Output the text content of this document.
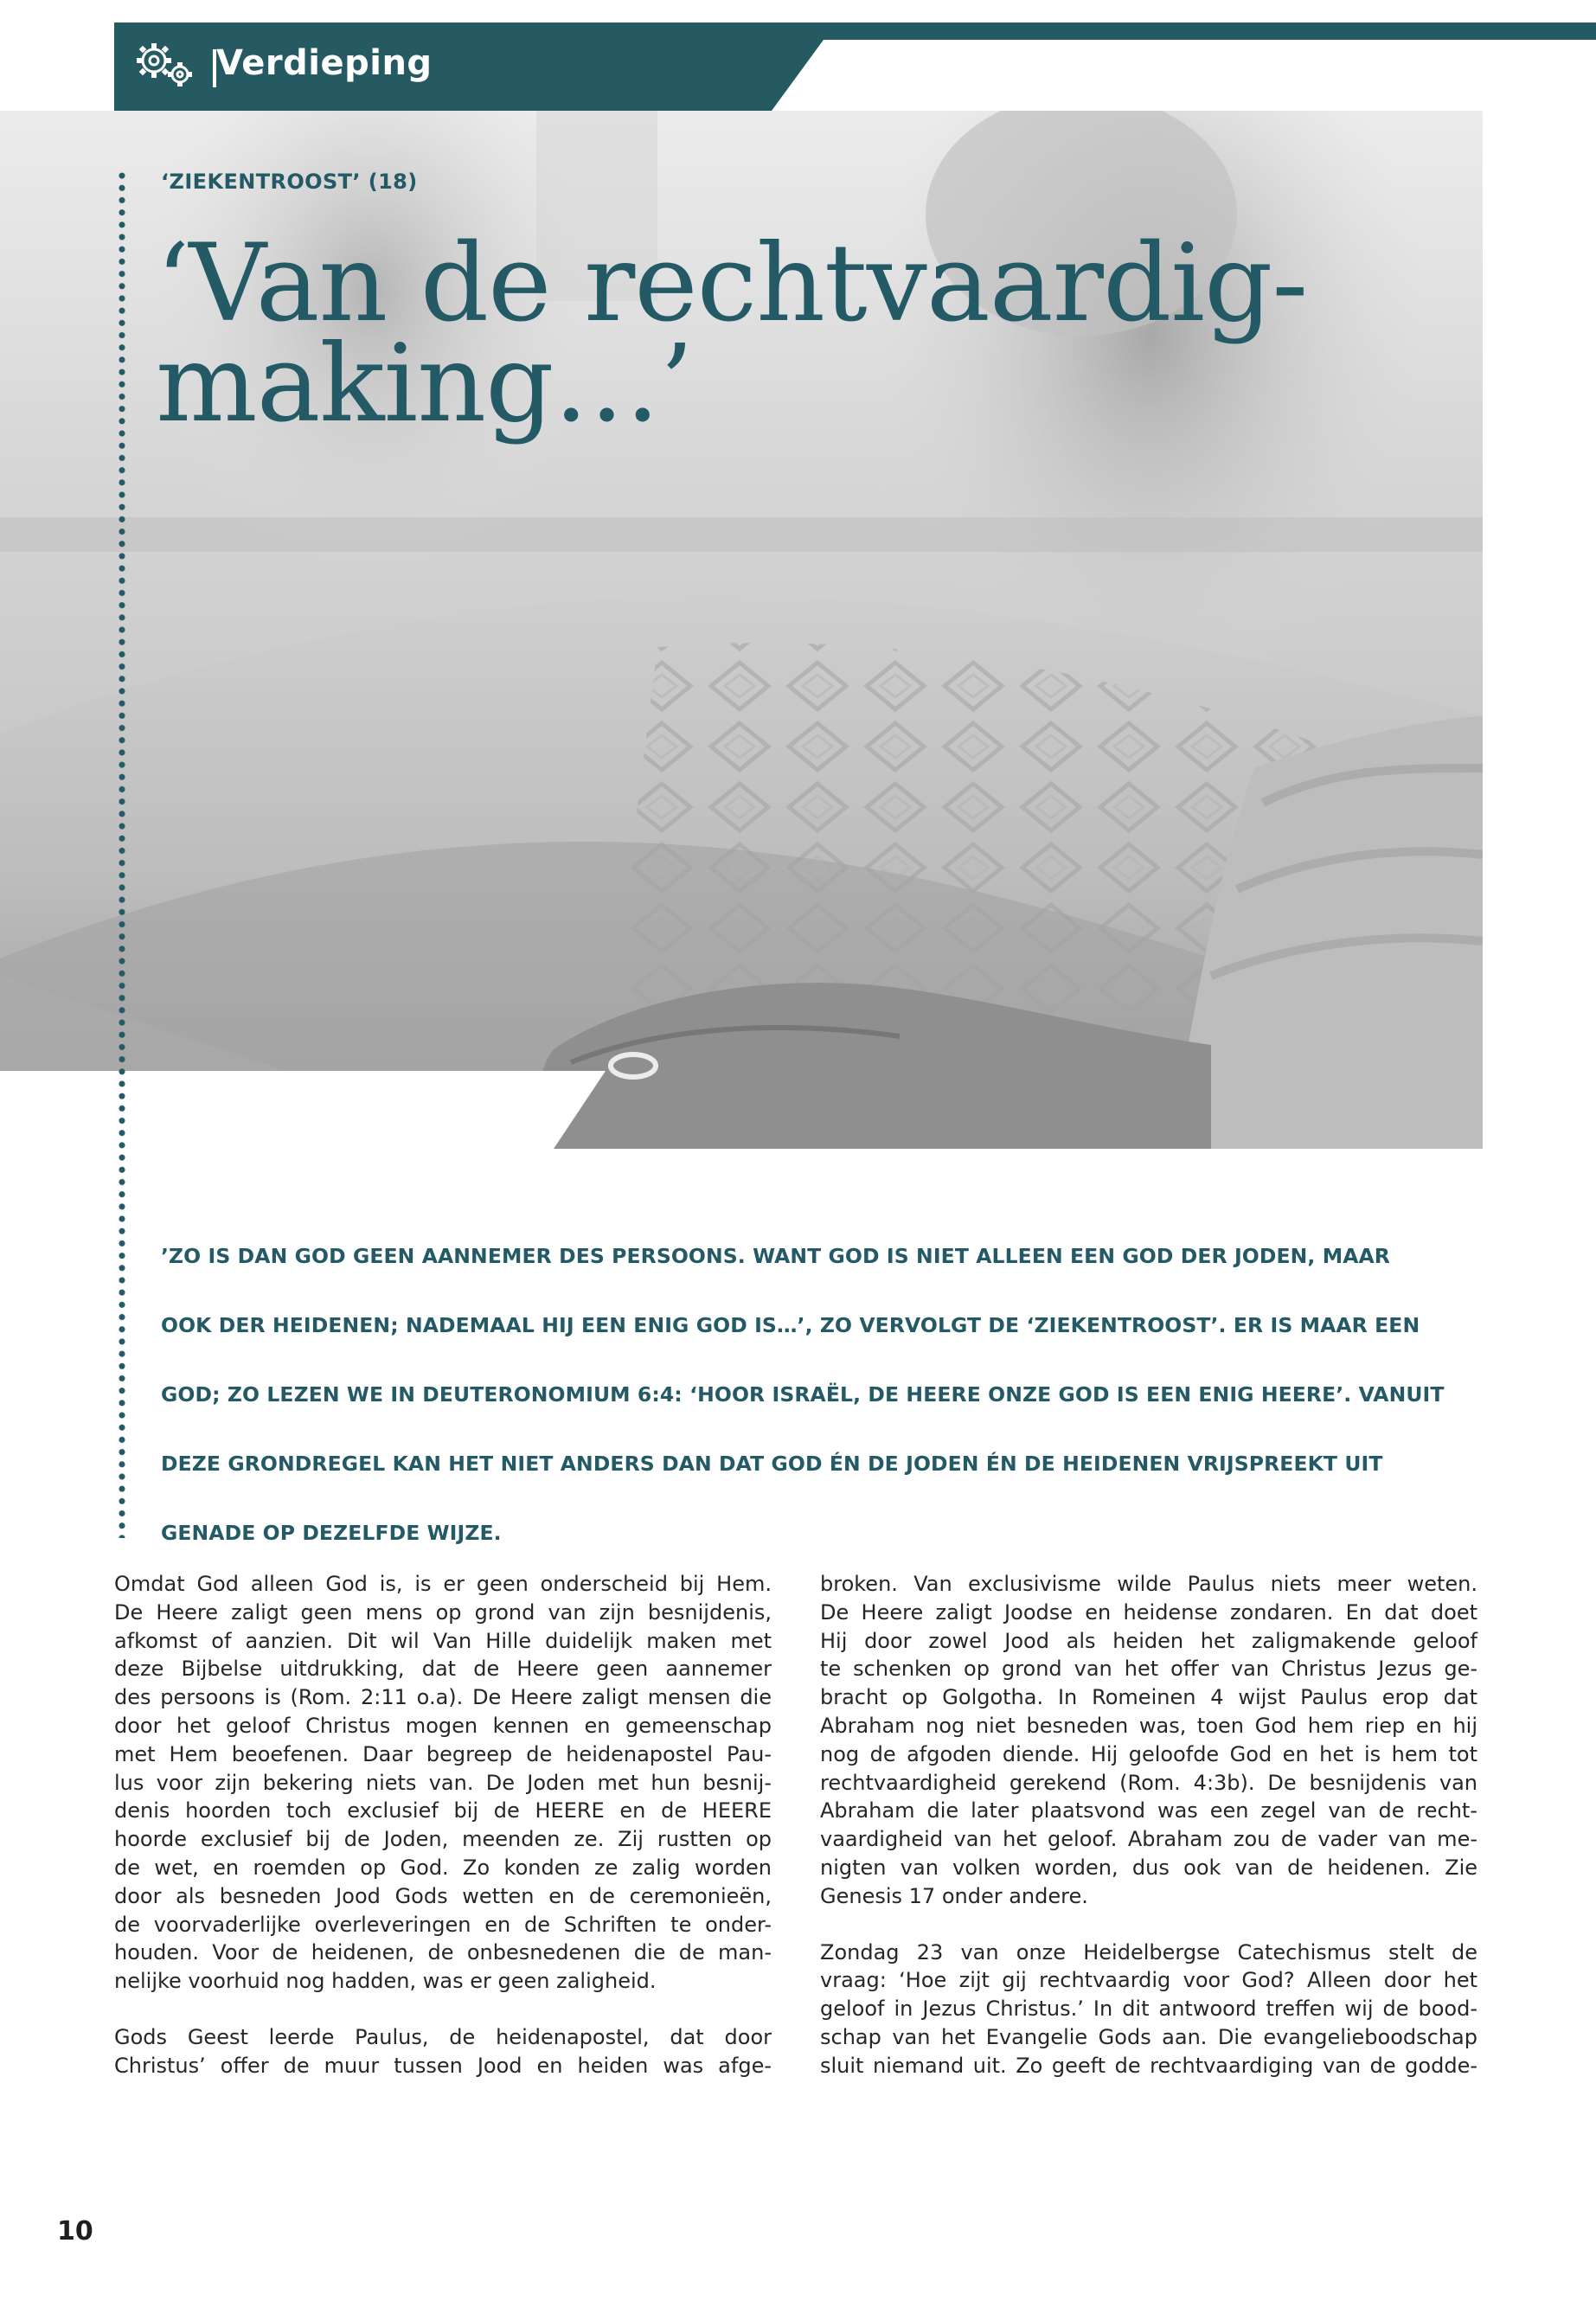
Verdieping
‘ZIEKENTROOST’ (18)
‘Van de rechtvaardig-
making…’
’ZO IS DAN GOD GEEN AANNEMER DES PERSOONS. WANT GOD IS NIET ALLEEN EEN GOD DER JODEN, MAAR
OOK DER HEIDENEN; NADEMAAL HIJ EEN ENIG GOD IS…’, ZO VERVOLGT DE ‘ZIEKENTROOST’. ER IS MAAR EEN
GOD; ZO LEZEN WE IN DEUTERONOMIUM 6:4: ‘HOOR ISRAËL, DE HEERE ONZE GOD IS EEN ENIG HEERE’. VANUIT
DEZE GRONDREGEL KAN HET NIET ANDERS DAN DAT GOD ÉN DE JODEN ÉN DE HEIDENEN VRIJSPREEKT UIT
GENADE OP DEZELFDE WIJZE.

Omdat God alleen God is, is er geen onderscheid bij Hem.
De Heere zaligt geen mens op grond van zijn besnijdenis,
afkomst of aanzien. Dit wil Van Hille duidelijk maken met
deze Bijbelse uitdrukking, dat de Heere geen aannemer
des persoons is (Rom. 2:11 o.a). De Heere zaligt mensen die
door het geloof Christus mogen kennen en gemeenschap
met Hem beoefenen. Daar begreep de heidenapostel Pau-
lus voor zijn bekering niets van. De Joden met hun besnij-
denis hoorden toch exclusief bij de HEERE en de HEERE
hoorde exclusief bij de Joden, meenden ze. Zij rustten op
de wet, en roemden op God. Zo konden ze zalig worden
door als besneden Jood Gods wetten en de ceremonieën,
de voorvaderlijke overleveringen en de Schriften te onder-
houden. Voor de heidenen, de onbesnedenen die de man-
nelijke voorhuid nog hadden, was er geen zaligheid.

Gods Geest leerde Paulus, de heidenapostel, dat door
Christus’ offer de muur tussen Jood en heiden was afge-

broken. Van exclusivisme wilde Paulus niets meer weten.
De Heere zaligt Joodse en heidense zondaren. En dat doet
Hij door zowel Jood als heiden het zaligmakende geloof
te schenken op grond van het offer van Christus Jezus ge-
bracht op Golgotha. In Romeinen 4 wijst Paulus erop dat
Abraham nog niet besneden was, toen God hem riep en hij
nog de afgoden diende. Hij geloofde God en het is hem tot
rechtvaardigheid gerekend (Rom. 4:3b). De besnijdenis van
Abraham die later plaatsvond was een zegel van de recht-
vaardigheid van het geloof. Abraham zou de vader van me-
nigten van volken worden, dus ook van de heidenen. Zie
Genesis 17 onder andere.

Zondag 23 van onze Heidelbergse Catechismus stelt de
vraag: ‘Hoe zijt gij rechtvaardig voor God? Alleen door het
geloof in Jezus Christus.’ In dit antwoord treffen wij de bood-
schap van het Evangelie Gods aan. Die evangelieboodschap
sluit niemand uit. Zo geeft de rechtvaardiging van de godde-

10
